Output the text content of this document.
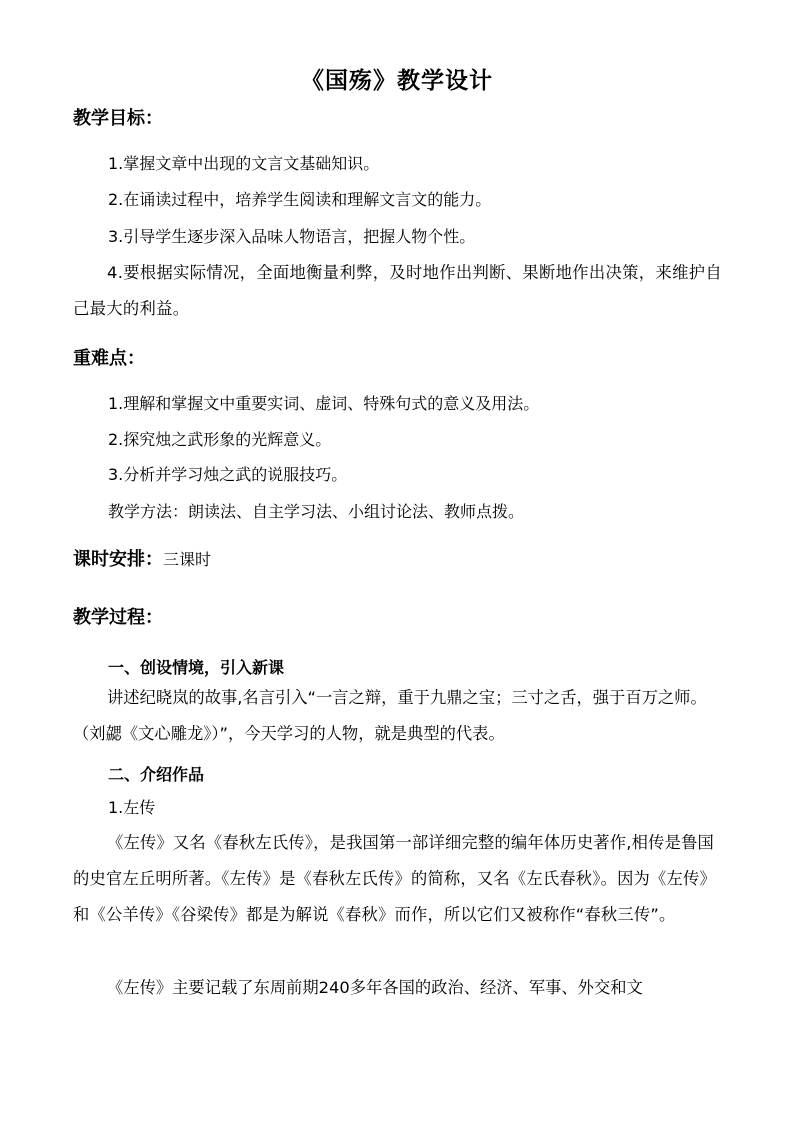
《国殇》教学设计
教学目标：
1.掌握文章中出现的文言文基础知识。
2.在诵读过程中，培养学生阅读和理解文言文的能力。
3.引导学生逐步深入品味人物语言，把握人物个性。
4.要根据实际情况，全面地衡量利弊，及时地作出判断、果断地作出决策，来维护自己最大的利益。
重难点：
1.理解和掌握文中重要实词、虚词、特殊句式的意义及用法。
2.探究烛之武形象的光辉意义。
3.分析并学习烛之武的说服技巧。
教学方法：朗读法、自主学习法、小组讨论法、教师点拨。
课时安排：三课时
教学过程：
一、创设情境，引入新课
讲述纪晓岚的故事,名言引入“一言之辩，重于九鼎之宝；三寸之舌，强于百万之师。（刘勰《文心雕龙》）”，今天学习的人物，就是典型的代表。
二、介绍作品
1.左传
《左传》又名《春秋左氏传》，是我国第一部详细完整的编年体历史著作,相传是鲁国的史官左丘明所著。《左传》是《春秋左氏传》的简称，又名《左氏春秋》。因为《左传》和《公羊传》《谷梁传》都是为解说《春秋》而作，所以它们又被称作“春秋三传”。
《左传》主要记载了东周前期240多年各国的政治、经济、军事、外交和文
